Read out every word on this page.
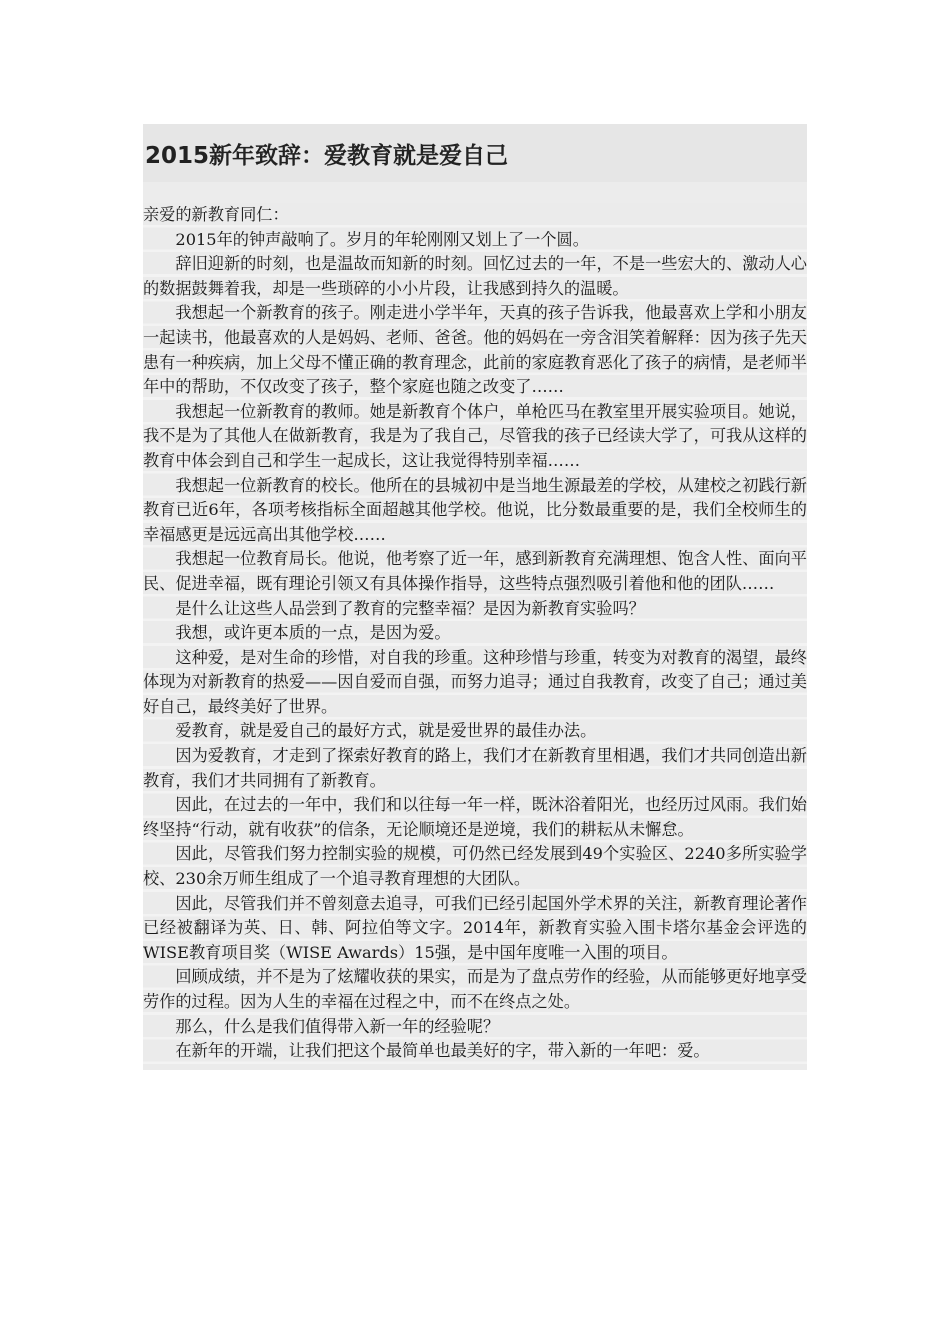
2015新年致辞：爱教育就是爱自己

亲爱的新教育同仁：

2015年的钟声敲响了。岁月的年轮刚刚又划上了一个圆。

辞旧迎新的时刻，也是温故而知新的时刻。回忆过去的一年，不是一些宏大的、激动人心的数据鼓舞着我，却是一些琐碎的小小片段，让我感到持久的温暖。

我想起一个新教育的孩子。刚走进小学半年，天真的孩子告诉我，他最喜欢上学和小朋友一起读书，他最喜欢的人是妈妈、老师、爸爸。他的妈妈在一旁含泪笑着解释：因为孩子先天患有一种疾病，加上父母不懂正确的教育理念，此前的家庭教育恶化了孩子的病情，是老师半年中的帮助，不仅改变了孩子，整个家庭也随之改变了……

我想起一位新教育的教师。她是新教育个体户，单枪匹马在教室里开展实验项目。她说，我不是为了其他人在做新教育，我是为了我自己，尽管我的孩子已经读大学了，可我从这样的教育中体会到自己和学生一起成长，这让我觉得特别幸福……

我想起一位新教育的校长。他所在的县城初中是当地生源最差的学校，从建校之初践行新教育已近6年，各项考核指标全面超越其他学校。他说，比分数最重要的是，我们全校师生的幸福感更是远远高出其他学校……

我想起一位教育局长。他说，他考察了近一年，感到新教育充满理想、饱含人性、面向平民、促进幸福，既有理论引领又有具体操作指导，这些特点强烈吸引着他和他的团队……

是什么让这些人品尝到了教育的完整幸福？是因为新教育实验吗？

我想，或许更本质的一点，是因为爱。

这种爱，是对生命的珍惜，对自我的珍重。这种珍惜与珍重，转变为对教育的渴望，最终体现为对新教育的热爱——因自爱而自强，而努力追寻；通过自我教育，改变了自己；通过美好自己，最终美好了世界。

爱教育，就是爱自己的最好方式，就是爱世界的最佳办法。

因为爱教育，才走到了探索好教育的路上，我们才在新教育里相遇，我们才共同创造出新教育，我们才共同拥有了新教育。

因此，在过去的一年中，我们和以往每一年一样，既沐浴着阳光，也经历过风雨。我们始终坚持“行动，就有收获”的信条，无论顺境还是逆境，我们的耕耘从未懈怠。

因此，尽管我们努力控制实验的规模，可仍然已经发展到49个实验区、2240多所实验学校、230余万师生组成了一个追寻教育理想的大团队。

因此，尽管我们并不曾刻意去追寻，可我们已经引起国外学术界的关注，新教育理论著作已经被翻译为英、日、韩、阿拉伯等文字。2014年，新教育实验入围卡塔尔基金会评选的WISE教育项目奖（WISE Awards）15强，是中国年度唯一入围的项目。

回顾成绩，并不是为了炫耀收获的果实，而是为了盘点劳作的经验，从而能够更好地享受劳作的过程。因为人生的幸福在过程之中，而不在终点之处。

那么，什么是我们值得带入新一年的经验呢？

在新年的开端，让我们把这个最简单也最美好的字，带入新的一年吧：爱。
